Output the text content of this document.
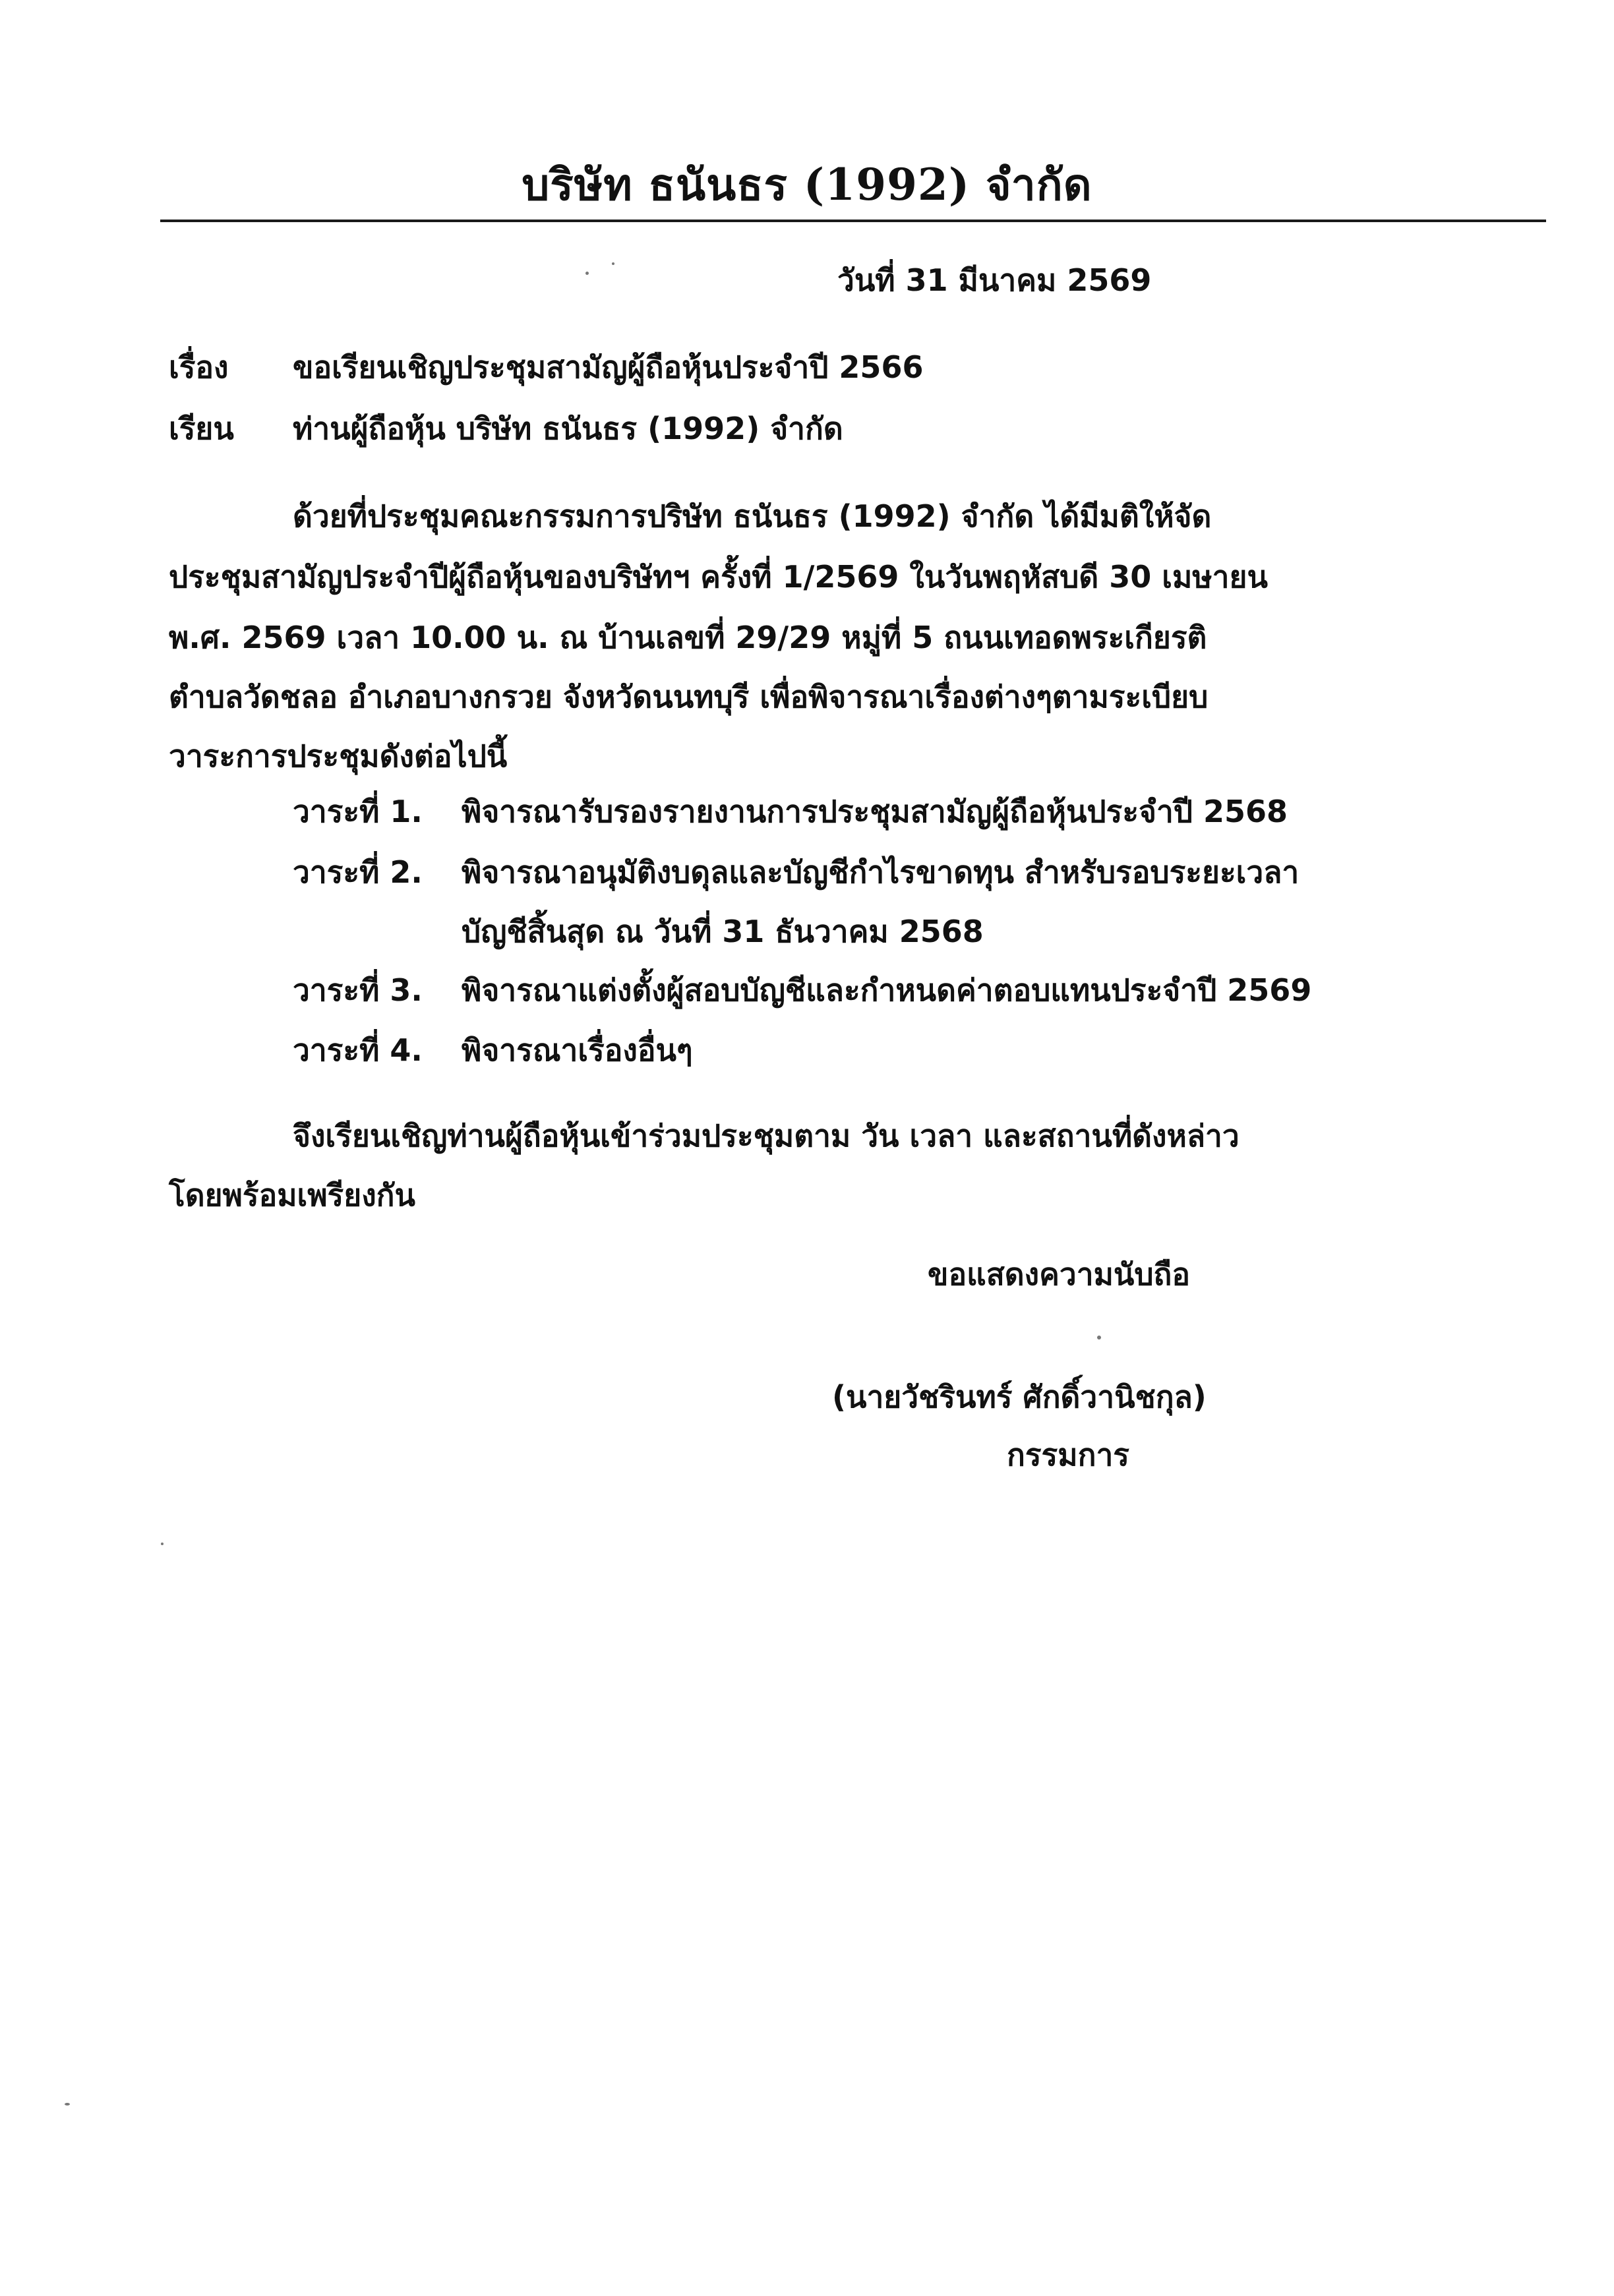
บริษัท ธนันธร (1992) จำกัด
วันที่ 31 มีนาคม 2569
เรื่อง ขอเรียนเชิญประชุมสามัญผู้ถือหุ้นประจำปี 2566
เรียน ท่านผู้ถือหุ้น บริษัท ธนันธร (1992) จำกัด
ด้วยที่ประชุมคณะกรรมการปริษัท ธนันธร (1992) จำกัด ได้มีมติให้จัด
ประชุมสามัญประจำปีผู้ถือหุ้นของบริษัทฯ ครั้งที่ 1/2569 ในวันพฤหัสบดี 30 เมษายน
พ.ศ. 2569 เวลา 10.00 น. ณ บ้านเลขที่ 29/29 หมู่ที่ 5 ถนนเทอดพระเกียรติ
ตำบลวัดชลอ อำเภอบางกรวย จังหวัดนนทบุรี เพื่อพิจารณาเรื่องต่างๆตามระเบียบ
วาระการประชุมดังต่อไปนี้
วาระที่ 1. พิจารณารับรองรายงานการประชุมสามัญผู้ถือหุ้นประจำปี 2568
วาระที่ 2. พิจารณาอนุมัติงบดุลและบัญชีกำไรขาดทุน สำหรับรอบระยะเวลา
บัญชีสิ้นสุด ณ วันที่ 31 ธันวาคม 2568
วาระที่ 3. พิจารณาแต่งตั้งผู้สอบบัญชีและกำหนดค่าตอบแทนประจำปี 2569
วาระที่ 4. พิจารณาเรื่องอื่นๆ
จึงเรียนเชิญท่านผู้ถือหุ้นเข้าร่วมประชุมตาม วัน เวลา และสถานที่ดังหล่าว
โดยพร้อมเพรียงกัน
ขอแสดงความนับถือ
(นายวัชรินทร์ ศักดิ์วานิชกุล)
กรรมการ
